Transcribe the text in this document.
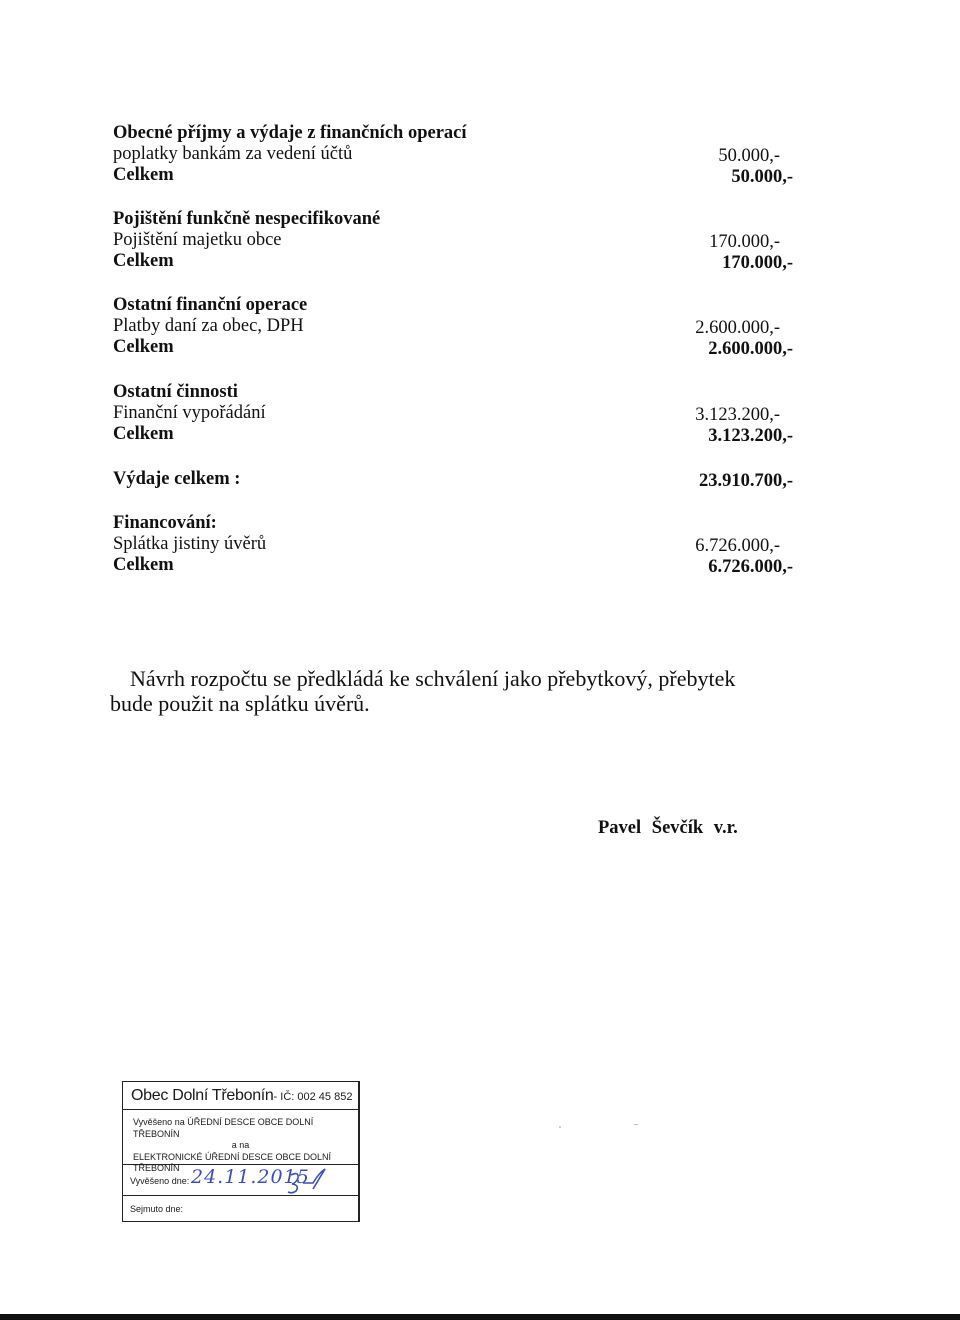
Obecné příjmy a výdaje z finančních operací
poplatky bankám za vedení účtů	50.000,-
Celkem	50.000,-
Pojištění funkčně nespecifikované
Pojištění majetku obce	170.000,-
Celkem	170.000,-
Ostatní finanční operace
Platby daní za obec, DPH	2.600.000,-
Celkem	2.600.000,-
Ostatní činnosti
Finanční vypořádání	3.123.200,-
Celkem	3.123.200,-
Výdaje celkem :	23.910.700,-
Financování:
Splátka jistiny úvěrů	6.726.000,-
Celkem	6.726.000,-
Návrh rozpočtu se předkládá ke schválení jako přebytkový, přebytek
bude použit na splátku úvěrů.
Pavel Ševčík v.r.
Obec Dolní Třebonín- IČ: 002 45 852
Vyvěšeno na ÚŘEDNÍ DESCE OBCE DOLNÍ TŘEBONÍN
a na
ELEKTRONICKÉ ÚŘEDNÍ DESCE OBCE DOLNÍ TŘEBONÍN
Vyvěšeno dne: 24.11.2015
Sejmuto dne:
